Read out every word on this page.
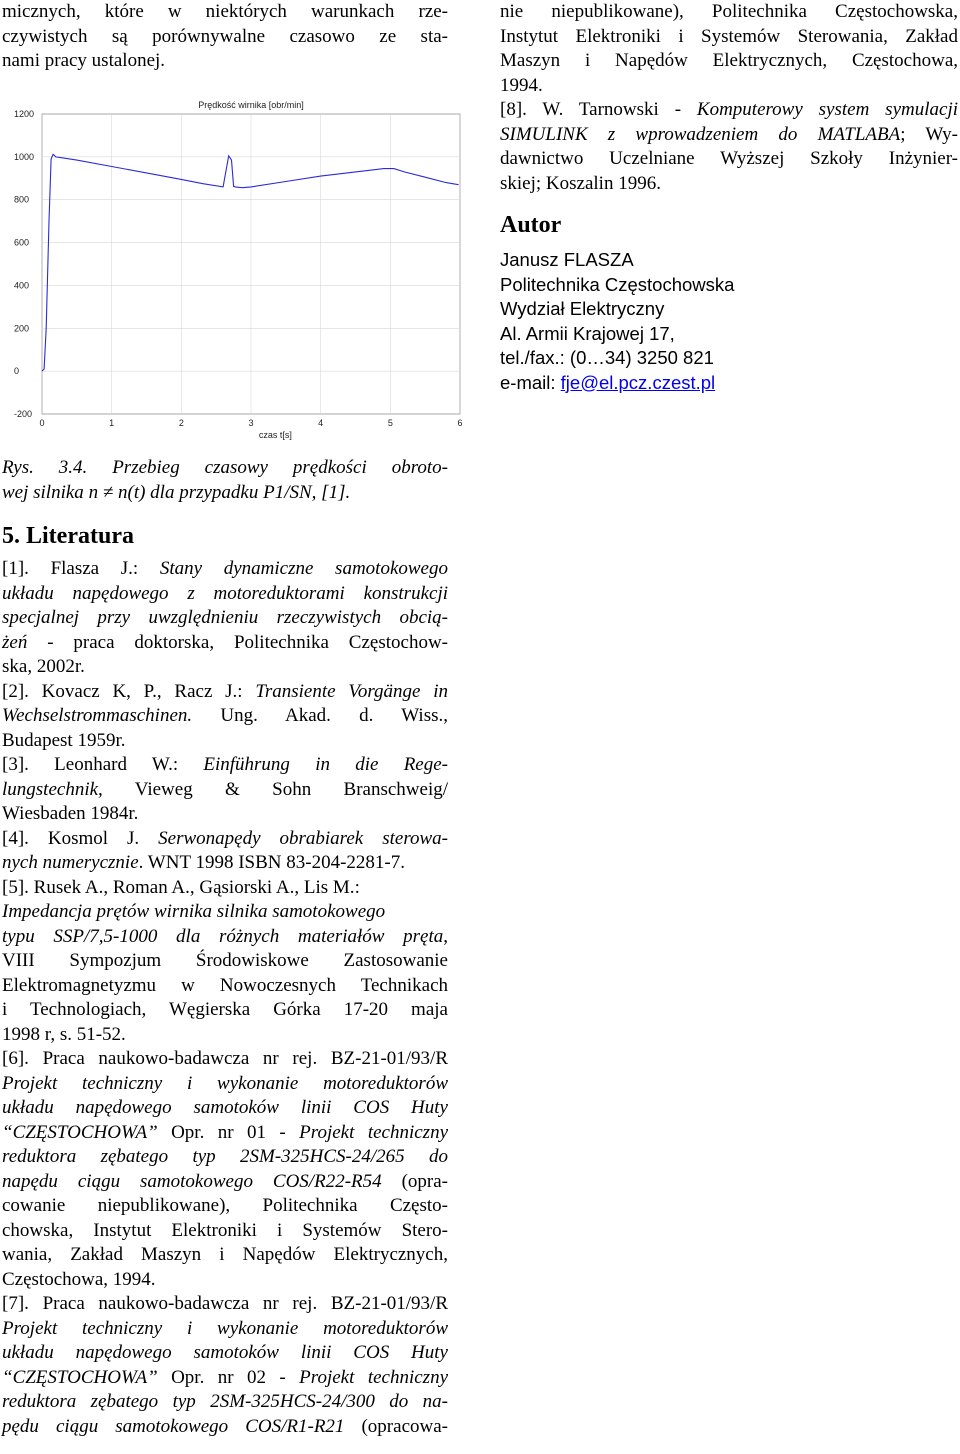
micznych, które w niektórych warunkach rze-

czywistych są porównywalne czasowo ze sta-

nami pracy ustalonej.

-200
0
200
400
600
800
1000
1200
0	1	2	3	4	5	6
Prędkość wirnika [obr/min]
czas t[s]

Rys. 3.4. Przebieg czasowy prędkości obroto-

wej silnika n ≠ n(t) dla przypadku P1/SN, [1].

5. Literatura

[1]. Flasza J.: Stany dynamiczne samotokowego

układu napędowego z motoreduktorami konstrukcji

specjalnej przy uwzględnieniu rzeczywistych obcią-

żeń - praca doktorska, Politechnika Częstochow-

ska, 2002r.

[2]. Kovacz K, P., Racz J.: Transiente Vorgänge in

Wechselstrommaschinen. Ung. Akad. d. Wiss.,

Budapest 1959r.

[3]. Leonhard W.: Einführung in die Rege-

lungstechnik, Vieweg & Sohn Branschweig/

Wiesbaden 1984r.

[4]. Kosmol J. Serwonapędy obrabiarek sterowa-

nych numerycznie. WNT 1998 ISBN 83-204-2281-7.

[5]. Rusek A., Roman A., Gąsiorski A., Lis M.:

Impedancja prętów wirnika silnika samotokowego

typu SSP/7,5-1000 dla różnych materiałów pręta,

VIII Sympozjum Środowiskowe Zastosowanie

Elektromagnetyzmu w Nowoczesnych Technikach

i Technologiach, Węgierska Górka 17-20 maja

1998 r, s. 51-52.

[6]. Praca naukowo-badawcza nr rej. BZ-21-01/93/R

Projekt techniczny i wykonanie motoreduktorów

układu napędowego samotoków linii COS Huty

“CZĘSTOCHOWA” Opr. nr 01 - Projekt techniczny

reduktora zębatego typ 2SM-325HCS-24/265 do

napędu ciągu samotokowego COS/R22-R54 (opra-

cowanie niepublikowane), Politechnika Często-

chowska, Instytut Elektroniki i Systemów Stero-

wania, Zakład Maszyn i Napędów Elektrycznych,

Częstochowa, 1994.

[7]. Praca naukowo-badawcza nr rej. BZ-21-01/93/R

Projekt techniczny i wykonanie motoreduktorów

układu napędowego samotoków linii COS Huty

“CZĘSTOCHOWA” Opr. nr 02 - Projekt techniczny

reduktora zębatego typ 2SM-325HCS-24/300 do na-

pędu ciągu samotokowego COS/R1-R21 (opracowa-

nie niepublikowane), Politechnika Częstochowska,

Instytut Elektroniki i Systemów Sterowania, Zakład

Maszyn i Napędów Elektrycznych, Częstochowa,

1994.

[8]. W. Tarnowski - Komputerowy system symulacji

SIMULINK z wprowadzeniem do MATLABA; Wy-

dawnictwo Uczelniane Wyższej Szkoły Inżynier-

skiej; Koszalin 1996.

Autor

Janusz FLASZA

Politechnika Częstochowska

Wydział Elektryczny

Al. Armii Krajowej 17,

tel./fax.: (0…34) 3250 821

e-mail: fje@el.pcz.czest.pl
